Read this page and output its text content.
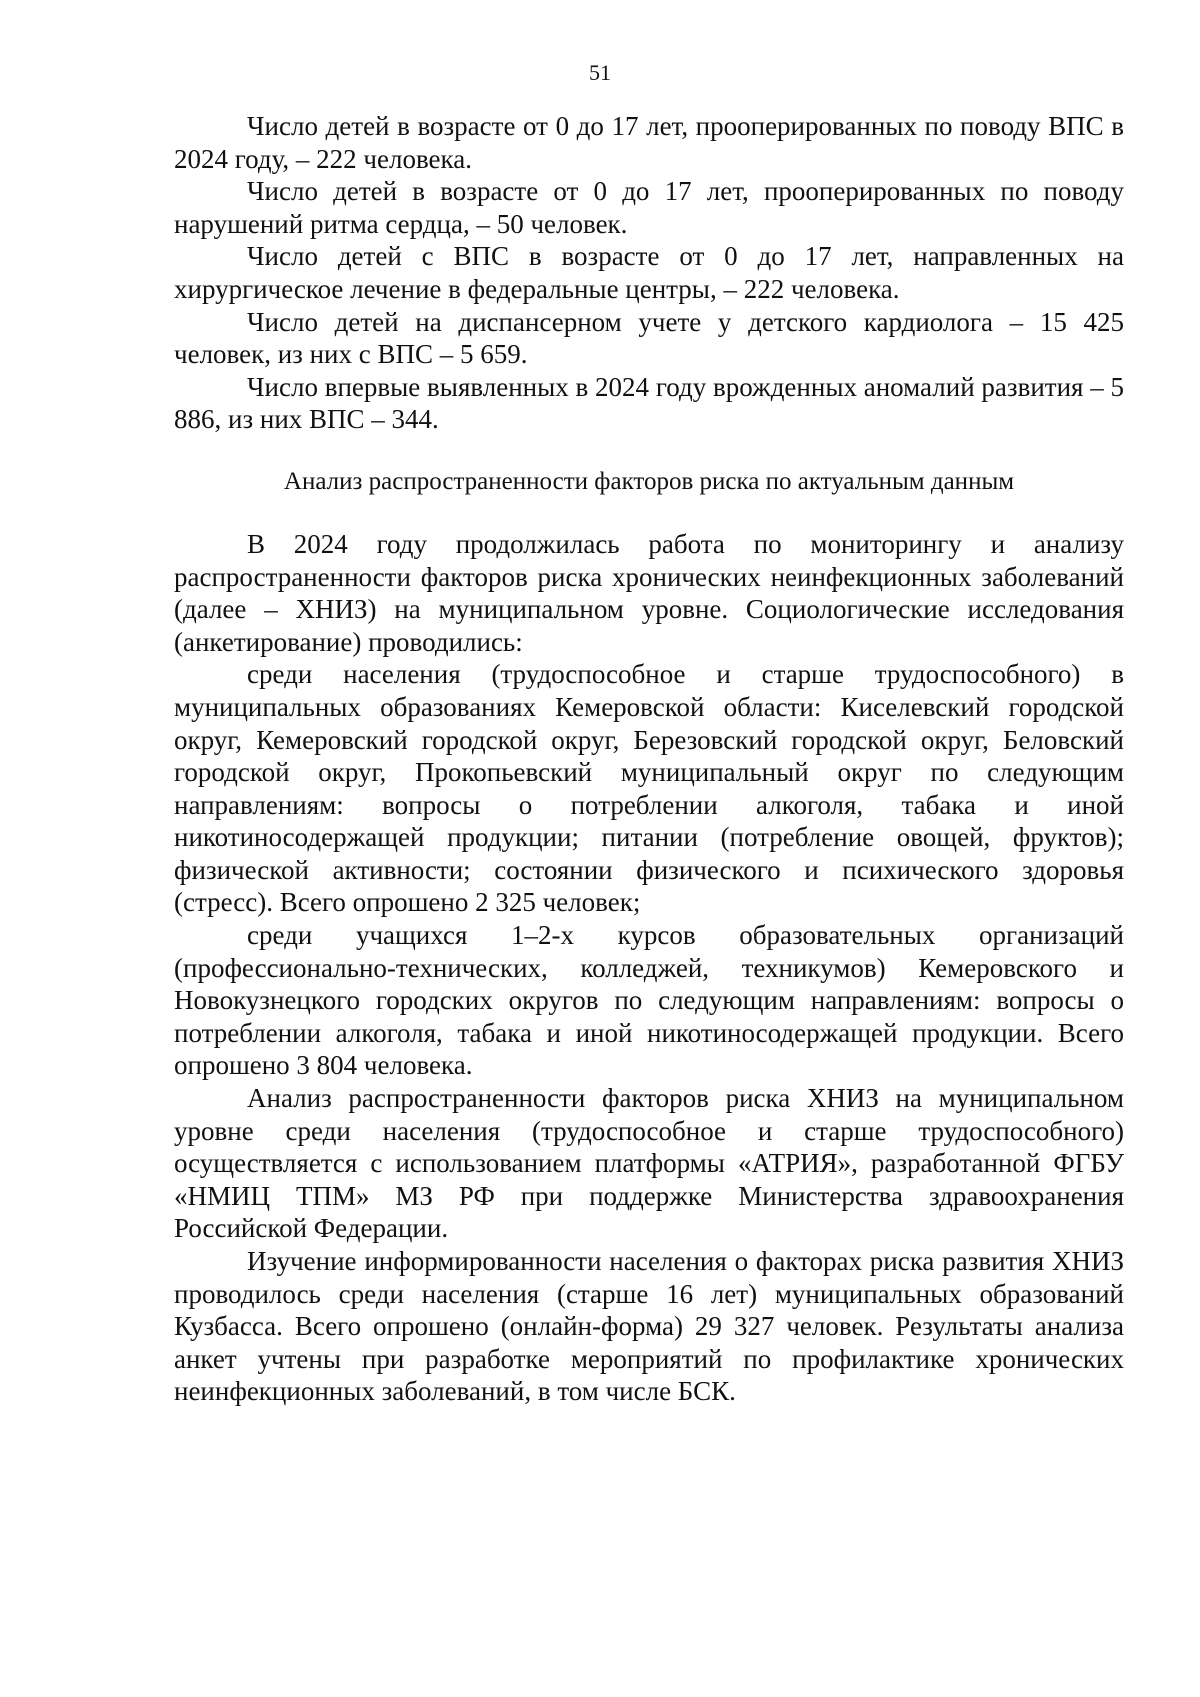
51

Число детей в возрасте от 0 до 17 лет, прооперированных по поводу ВПС в 2024 году, – 222 человека.

Число детей в возрасте от 0 до 17 лет, прооперированных по поводу нарушений ритма сердца, – 50 человек.

Число детей с ВПС в возрасте от 0 до 17 лет, направленных на хирургическое лечение в федеральные центры, – 222 человека.

Число детей на диспансерном учете у детского кардиолога – 15 425 человек, из них с ВПС – 5 659.

Число впервые выявленных в 2024 году врожденных аномалий развития – 5 886, из них ВПС – 344.

Анализ распространенности факторов риска по актуальным данным

В 2024 году продолжилась работа по мониторингу и анализу распространенности факторов риска хронических неинфекционных заболеваний (далее – ХНИЗ) на муниципальном уровне. Социологические исследования (анкетирование) проводились:

среди населения (трудоспособное и старше трудоспособного) в муниципальных образованиях Кемеровской области: Киселевский городской округ, Кемеровский городской округ, Березовский городской округ, Беловский городской округ, Прокопьевский муниципальный округ по следующим направлениям: вопросы о потреблении алкоголя, табака и иной никотиносодержащей продукции; питании (потребление овощей, фруктов); физической активности; состоянии физического и психического здоровья (стресс). Всего опрошено 2 325 человек;

среди учащихся 1–2-х курсов образовательных организаций (профессионально-технических, колледжей, техникумов) Кемеровского и Новокузнецкого городских округов по следующим направлениям: вопросы о потреблении алкоголя, табака и иной никотиносодержащей продукции. Всего опрошено 3 804 человека.

Анализ распространенности факторов риска ХНИЗ на муниципальном уровне среди населения (трудоспособное и старше трудоспособного) осуществляется с использованием платформы «АТРИЯ», разработанной ФГБУ «НМИЦ ТПМ» МЗ РФ при поддержке Министерства здравоохранения Российской Федерации.

Изучение информированности населения о факторах риска развития ХНИЗ проводилось среди населения (старше 16 лет) муниципальных образований Кузбасса. Всего опрошено (онлайн-форма) 29 327 человек. Результаты анализа анкет учтены при разработке мероприятий по профилактике хронических неинфекционных заболеваний, в том числе БСК.
